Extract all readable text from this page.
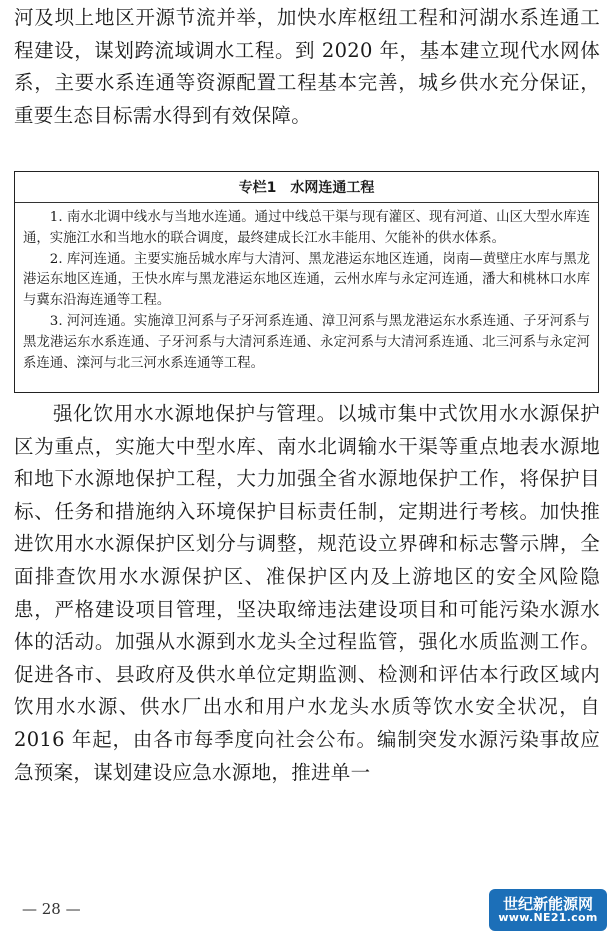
河及坝上地区开源节流并举，加快水库枢纽工程和河湖水系连通工程建设，谋划跨流域调水工程。到 2020 年，基本建立现代水网体系，主要水系连通等资源配置工程基本完善，城乡供水充分保证，重要生态目标需水得到有效保障。

专栏1　水网连通工程

1. 南水北调中线水与当地水连通。通过中线总干渠与现有灌区、现有河道、山区大型水库连通，实施江水和当地水的联合调度，最终建成长江水丰能用、欠能补的供水体系。

2. 库河连通。主要实施岳城水库与大清河、黑龙港运东地区连通，岗南—黄壁庄水库与黑龙港运东地区连通，王快水库与黑龙港运东地区连通，云州水库与永定河连通，潘大和桃林口水库与冀东沿海连通等工程。

3. 河河连通。实施漳卫河系与子牙河系连通、漳卫河系与黑龙港运东水系连通、子牙河系与黑龙港运东水系连通、子牙河系与大清河系连通、永定河系与大清河系连通、北三河系与永定河系连通、滦河与北三河水系连通等工程。

强化饮用水水源地保护与管理。以城市集中式饮用水水源保护区为重点，实施大中型水库、南水北调输水干渠等重点地表水源地和地下水源地保护工程，大力加强全省水源地保护工作，将保护目标、任务和措施纳入环境保护目标责任制，定期进行考核。加快推进饮用水水源保护区划分与调整，规范设立界碑和标志警示牌，全面排查饮用水水源保护区、准保护区内及上游地区的安全风险隐患，严格建设项目管理，坚决取缔违法建设项目和可能污染水源水体的活动。加强从水源到水龙头全过程监管，强化水质监测工作。促进各市、县政府及供水单位定期监测、检测和评估本行政区域内饮用水水源、供水厂出水和用户水龙头水质等饮水安全状况，自 2016 年起，由各市每季度向社会公布。编制突发水源污染事故应急预案，谋划建设应急水源地，推进单一

— 28 —	世纪新能源网
www.NE21.com
